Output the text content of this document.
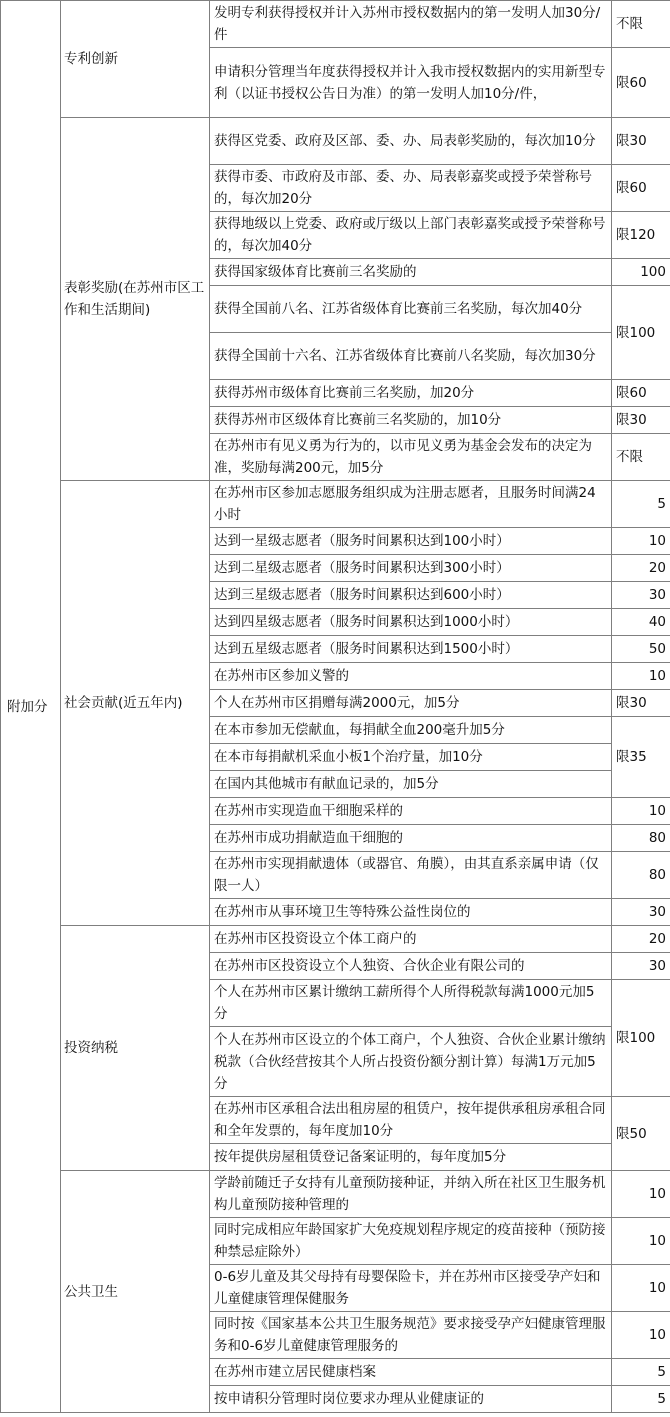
附加分	专利创新	发明专利获得授权并计入苏州市授权数据内的第一发明人加30分/件	不限
		申请积分管理当年度获得授权并计入我市授权数据内的实用新型专利（以证书授权公告日为准）的第一发明人加10分/件，	限60
	表彰奖励(在苏州市区工作和生活期间)	获得区党委、政府及区部、委、办、局表彰奖励的，每次加10分	限30
		获得市委、市政府及市部、委、办、局表彰嘉奖或授予荣誉称号的，每次加20分	限60
		获得地级以上党委、政府或厅级以上部门表彰嘉奖或授予荣誉称号的，每次加40分	限120
		获得国家级体育比赛前三名奖励的	100
		获得全国前八名、江苏省级体育比赛前三名奖励，每次加40分	限100
		获得全国前十六名、江苏省级体育比赛前八名奖励，每次加30分	
		获得苏州市级体育比赛前三名奖励，加20分	限60
		获得苏州市区级体育比赛前三名奖励的，加10分	限30
		在苏州市有见义勇为行为的，以市见义勇为基金会发布的决定为准，奖励每满200元，加5分	不限
	社会贡献(近五年内)	在苏州市区参加志愿服务组织成为注册志愿者，且服务时间满24小时	5
		达到一星级志愿者（服务时间累积达到100小时）	10
		达到二星级志愿者（服务时间累积达到300小时）	20
		达到三星级志愿者（服务时间累积达到600小时）	30
		达到四星级志愿者（服务时间累积达到1000小时）	40
		达到五星级志愿者（服务时间累积达到1500小时）	50
		在苏州市区参加义警的	10
		个人在苏州市区捐赠每满2000元，加5分	限30
		在本市参加无偿献血，每捐献全血200毫升加5分	限35
		在本市每捐献机采血小板1个治疗量，加10分	
		在国内其他城市有献血记录的，加5分	
		在苏州市实现造血干细胞采样的	10
		在苏州市成功捐献造血干细胞的	80
		在苏州市实现捐献遗体（或器官、角膜），由其直系亲属申请（仅限一人）	80
		在苏州市从事环境卫生等特殊公益性岗位的	30
	投资纳税	在苏州市区投资设立个体工商户的	20
		在苏州市区投资设立个人独资、合伙企业有限公司的	30
		个人在苏州市区累计缴纳工薪所得个人所得税款每满1000元加5分	限100
		个人在苏州市区设立的个体工商户，个人独资、合伙企业累计缴纳税款（合伙经营按其个人所占投资份额分割计算）每满1万元加5分	
		在苏州市区承租合法出租房屋的租赁户，按年提供承租房承租合同和全年发票的，每年度加10分	限50
		按年提供房屋租赁登记备案证明的，每年度加5分	
	公共卫生	学龄前随迁子女持有儿童预防接种证，并纳入所在社区卫生服务机构儿童预防接种管理的	10
		同时完成相应年龄国家扩大免疫规划程序规定的疫苗接种（预防接种禁忌症除外）	10
		0-6岁儿童及其父母持有母婴保险卡，并在苏州市区接受孕产妇和儿童健康管理保健服务	10
		同时按《国家基本公共卫生服务规范》要求接受孕产妇健康管理服务和0-6岁儿童健康管理服务的	10
		在苏州市建立居民健康档案	5
		按申请积分管理时岗位要求办理从业健康证的	5
